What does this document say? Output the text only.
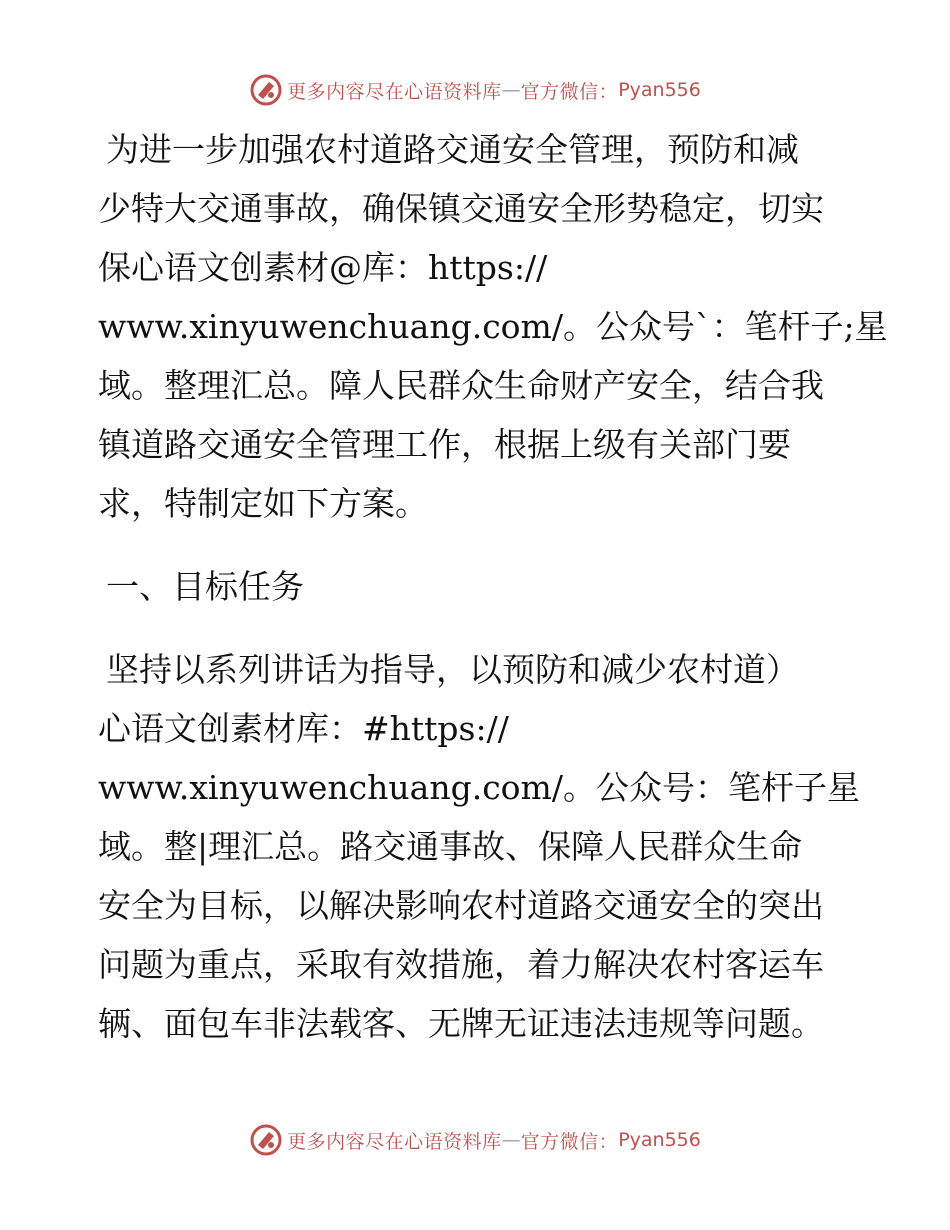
更多内容尽在心语资料库 — 官方微信： Pyan556

为进一步加强农村道路交通安全管理，预防和减

少特大交通事故，确保镇交通安全形势稳定，切实

保心语文创素材@库：https://

www.xinyuwenchuang.com/。公众号`：笔杆子;星

域。整理汇总。障人民群众生命财产安全，结合我

镇道路交通安全管理工作，根据上级有关部门要

求，特制定如下方案。

一、目标任务

坚持以系列讲话为指导，以预防和减少农村道）

心语文创素材库：#https://

www.xinyuwenchuang.com/。公众号：笔杆子星

域。整|理汇总。路交通事故、保障人民群众生命

安全为目标，以解决影响农村道路交通安全的突出

问题为重点，采取有效措施，着力解决农村客运车

辆、面包车非法载客、无牌无证违法违规等问题。

更多内容尽在心语资料库 — 官方微信： Pyan556
